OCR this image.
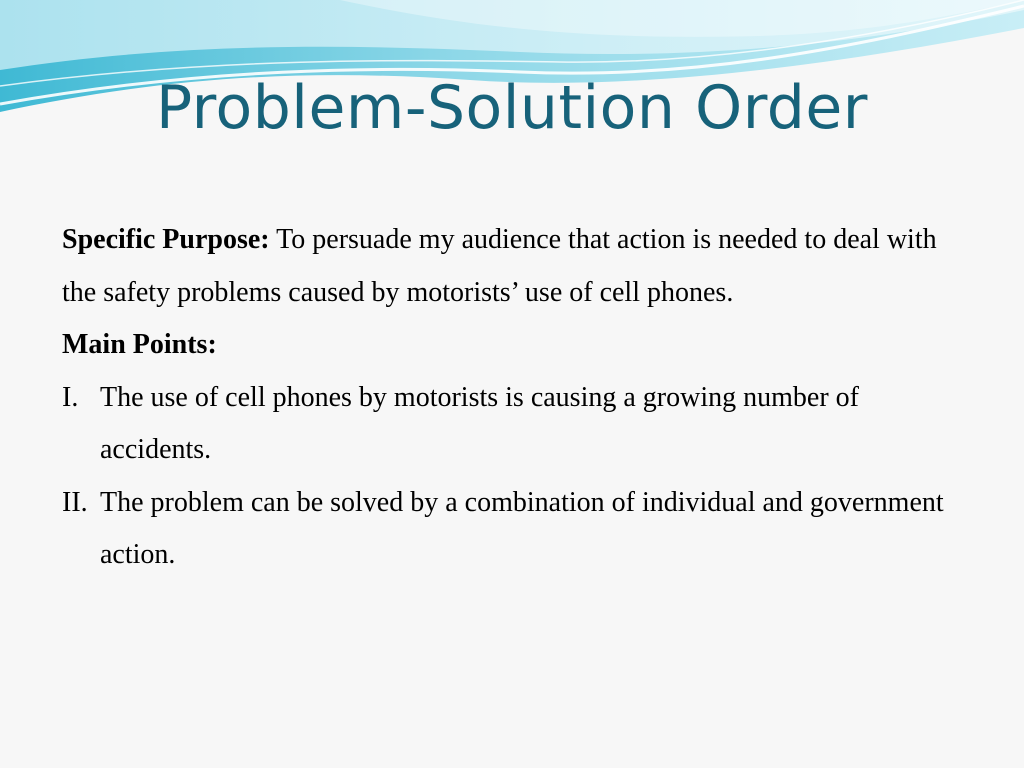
Problem-Solution Order

Specific Purpose: To persuade my audience that action is needed to deal with the safety problems caused by motorists’ use of cell phones.

Main Points:

I. The use of cell phones by motorists is causing a growing number of accidents.

II. The problem can be solved by a combination of individual and government action.
